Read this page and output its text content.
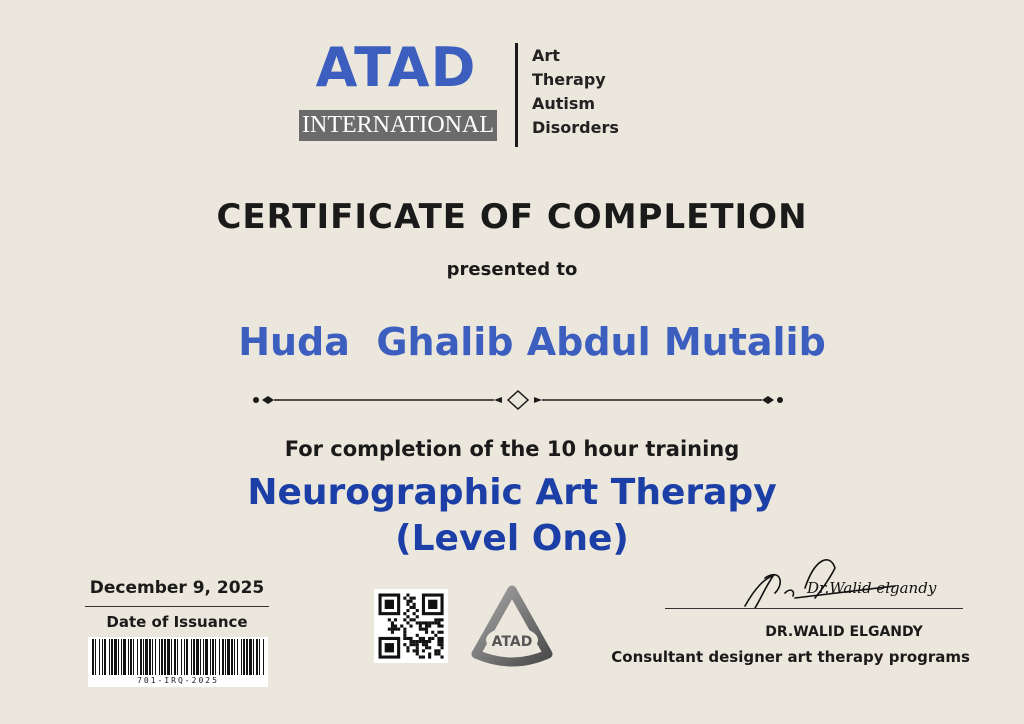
ATAD
INTERNATIONAL
Art
Therapy
Autism
Disorders
CERTIFICATE OF COMPLETION
presented to
Huda  Ghalib Abdul Mutalib
For completion of the 10 hour training
Neurographic Art Therapy
(Level One)
December 9, 2025
Date of Issuance
701-IRQ-2025
ATAD
Dr.Walid elgandy
DR.WALID ELGANDY
Consultant designer art therapy programs
